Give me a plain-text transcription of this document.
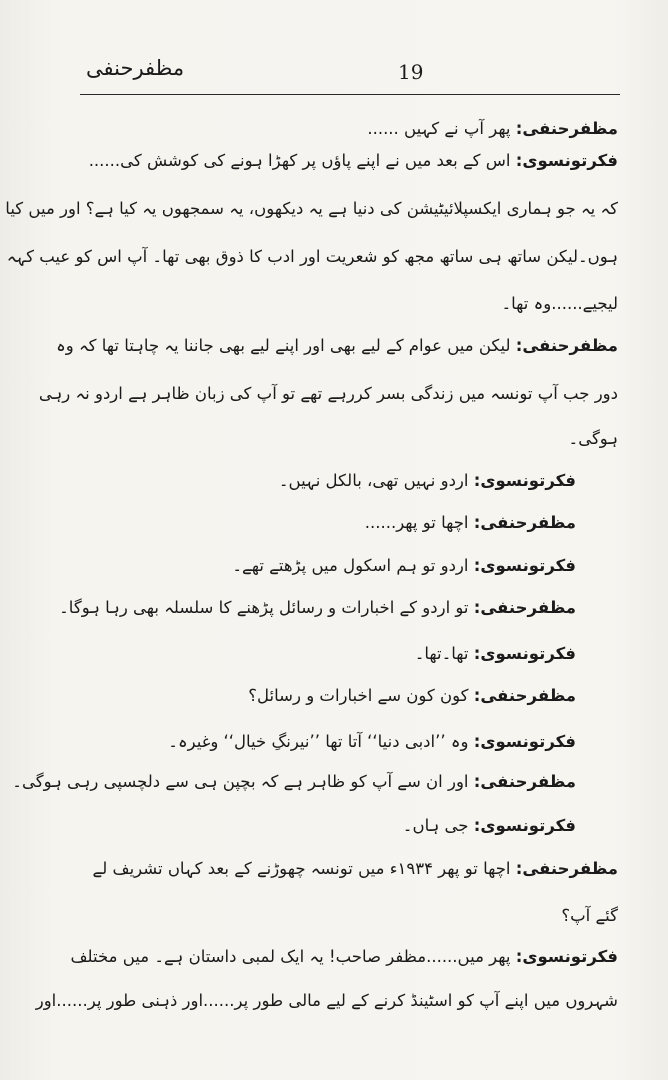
مظفرحنفی	19
مظفرحنفی: پھر آپ نے کہیں ......
فکرتونسوی: اس کے بعد میں نے اپنے پاؤں پر کھڑا ہونے کی کوشش کی......
کہ یہ جو ہماری ایکسپلائیٹیشن کی دنیا ہے یہ دیکھوں، یہ سمجھوں یہ کیا ہے؟ اور میں کیا
ہوں۔لیکن ساتھ ہی ساتھ مجھ کو شعریت اور ادب کا ذوق بھی تھا۔ آپ اس کو عیب کہہ
لیجیے......وہ تھا۔
مظفرحنفی: لیکن میں عوام کے لیے بھی اور اپنے لیے بھی جاننا یہ چاہتا تھا کہ وہ
دور جب آپ تونسہ میں زندگی بسر کررہے تھے تو آپ کی زبان ظاہر ہے اردو نہ رہی
ہوگی۔
فکرتونسوی: اردو نہیں تھی، بالکل نہیں۔
مظفرحنفی: اچھا تو پھر......
فکرتونسوی: اردو تو ہم اسکول میں پڑھتے تھے۔
مظفرحنفی: تو اردو کے اخبارات و رسائل پڑھنے کا سلسلہ بھی رہا ہوگا۔
فکرتونسوی: تھا۔تھا۔
مظفرحنفی: کون کون سے اخبارات و رسائل؟
فکرتونسوی: وہ ’’ادبی دنیا‘‘ آتا تھا ’’نیرنگِ خیال‘‘ وغیرہ۔
مظفرحنفی: اور ان سے آپ کو ظاہر ہے کہ بچپن ہی سے دلچسپی رہی ہوگی۔
فکرتونسوی: جی ہاں۔
مظفرحنفی: اچھا تو پھر ۱۹۳۴ء میں تونسہ چھوڑنے کے بعد کہاں تشریف لے
گئے آپ؟
فکرتونسوی: پھر میں......مظفر صاحب! یہ ایک لمبی داستان ہے۔ میں مختلف
شہروں میں اپنے آپ کو اسٹینڈ کرنے کے لیے مالی طور پر......اور ذہنی طور پر......اور
